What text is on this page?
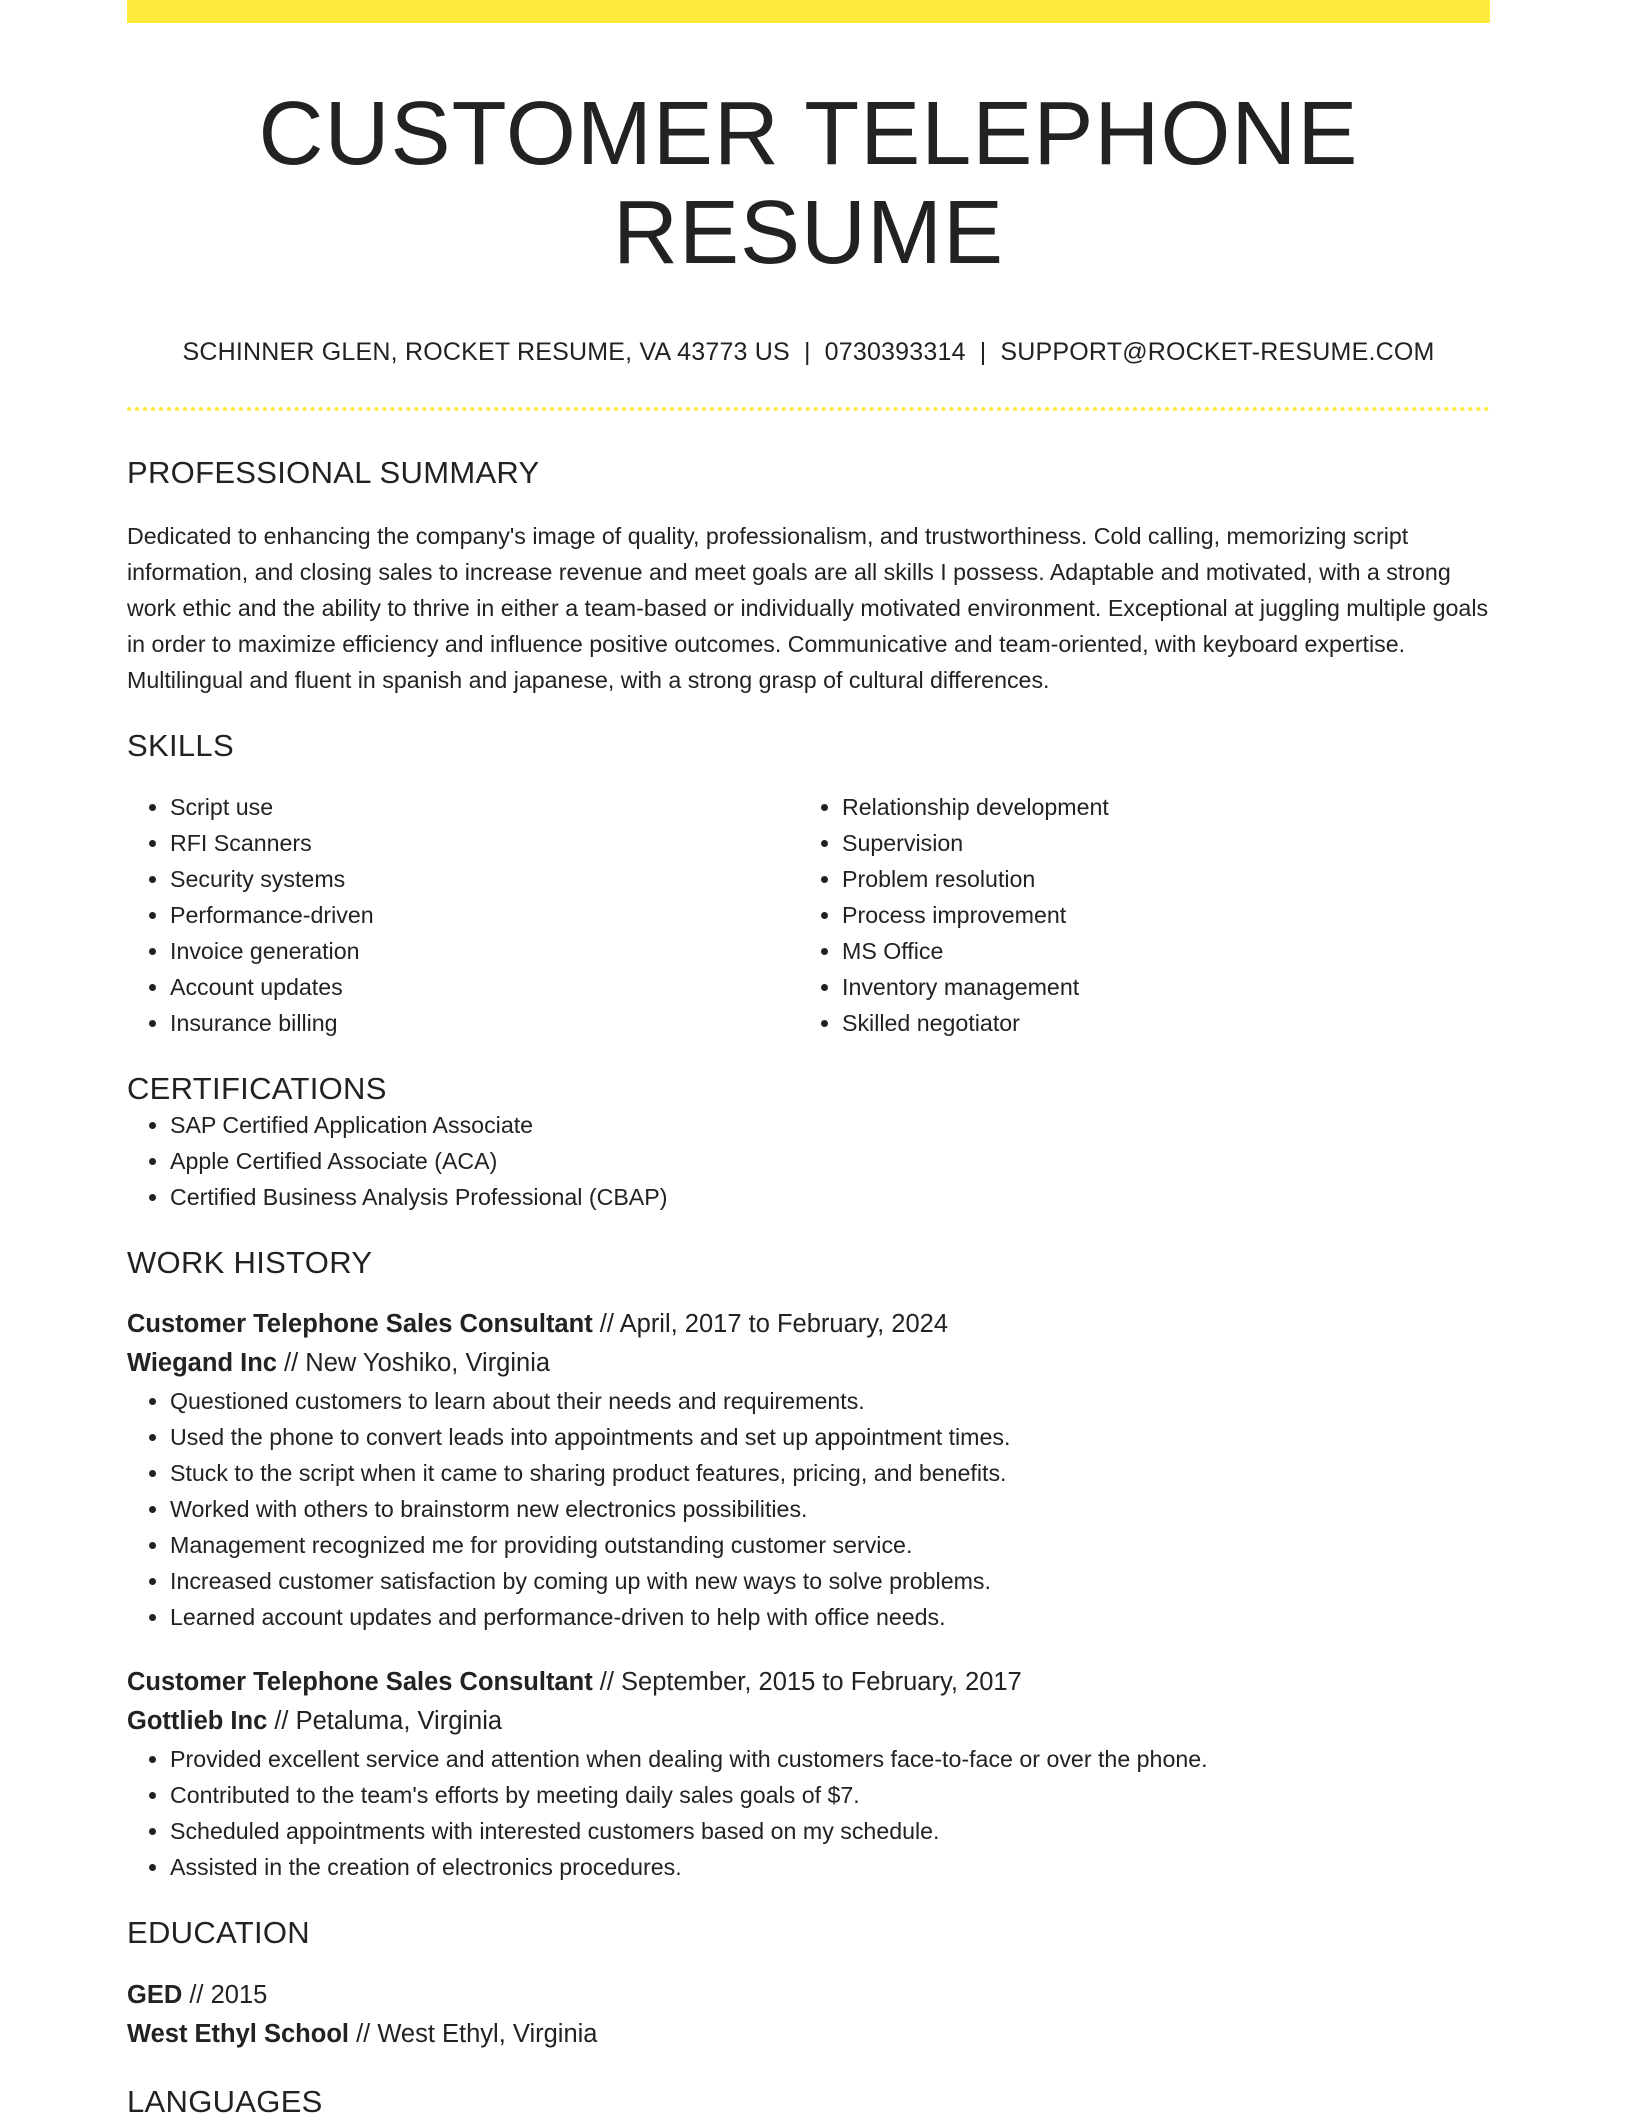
CUSTOMER TELEPHONE RESUME
SCHINNER GLEN, ROCKET RESUME, VA 43773 US | 0730393314 | SUPPORT@ROCKET-RESUME.COM
PROFESSIONAL SUMMARY
Dedicated to enhancing the company's image of quality, professionalism, and trustworthiness. Cold calling, memorizing script information, and closing sales to increase revenue and meet goals are all skills I possess. Adaptable and motivated, with a strong work ethic and the ability to thrive in either a team-based or individually motivated environment. Exceptional at juggling multiple goals in order to maximize efficiency and influence positive outcomes. Communicative and team-oriented, with keyboard expertise. Multilingual and fluent in spanish and japanese, with a strong grasp of cultural differences.
SKILLS
• Script use
• RFI Scanners
• Security systems
• Performance-driven
• Invoice generation
• Account updates
• Insurance billing
• Relationship development
• Supervision
• Problem resolution
• Process improvement
• MS Office
• Inventory management
• Skilled negotiator
CERTIFICATIONS
• SAP Certified Application Associate
• Apple Certified Associate (ACA)
• Certified Business Analysis Professional (CBAP)
WORK HISTORY
Customer Telephone Sales Consultant // April, 2017 to February, 2024
Wiegand Inc // New Yoshiko, Virginia
• Questioned customers to learn about their needs and requirements.
• Used the phone to convert leads into appointments and set up appointment times.
• Stuck to the script when it came to sharing product features, pricing, and benefits.
• Worked with others to brainstorm new electronics possibilities.
• Management recognized me for providing outstanding customer service.
• Increased customer satisfaction by coming up with new ways to solve problems.
• Learned account updates and performance-driven to help with office needs.
Customer Telephone Sales Consultant // September, 2015 to February, 2017
Gottlieb Inc // Petaluma, Virginia
• Provided excellent service and attention when dealing with customers face-to-face or over the phone.
• Contributed to the team's efforts by meeting daily sales goals of $7.
• Scheduled appointments with interested customers based on my schedule.
• Assisted in the creation of electronics procedures.
EDUCATION
GED // 2015
West Ethyl School // West Ethyl, Virginia
LANGUAGES
